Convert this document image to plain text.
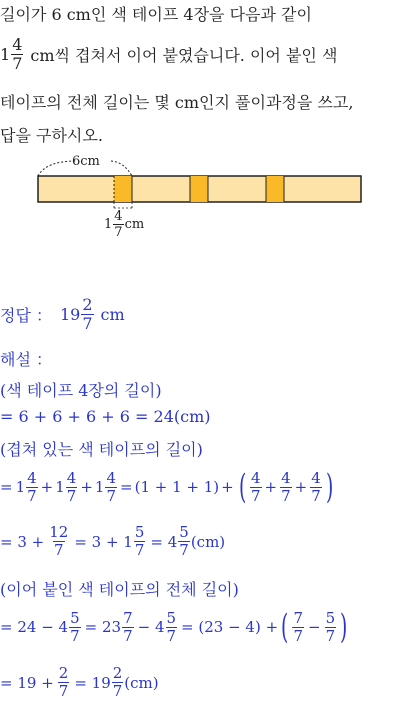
길이가 6 cm인 색 테이프 4장을 다음과 같이
$1 \frac{4}{7}$ cm씩 겹쳐서 이어 붙였습니다. 이어 붙인 색
테이프의 전체 길이는 몇 cm인지 풀이과정을 쓰고,
답을 구하시오.
6cm
$1 \frac{4}{7}$ cm
정답 ： $19 \frac{2}{7}$ cm
해설 ：
(색 테이프 4장의 길이)
= 6 + 6 + 6 + 6 = 24(cm)
(겹쳐 있는 색 테이프의 길이)
= $1 \frac{4}{7} + 1 \frac{4}{7} + 1 \frac{4}{7} = (1 + 1 + 1)$ + ( $\frac{4}{7} + \frac{4}{7} + \frac{4}{7}$ )
= $3 + \frac{12}{7} = 3 + 1 \frac{5}{7} = 4 \frac{5}{7} (cm)$
(이어 붙인 색 테이프의 전체 길이)
= $24 - 4 \frac{5}{7} = 23 \frac{7}{7} - 4 \frac{5}{7} = (23 - 4)$ + ( $\frac{7}{7} - \frac{5}{7}$ )
= $19 + \frac{2}{7} = 19 \frac{2}{7} (cm)$
